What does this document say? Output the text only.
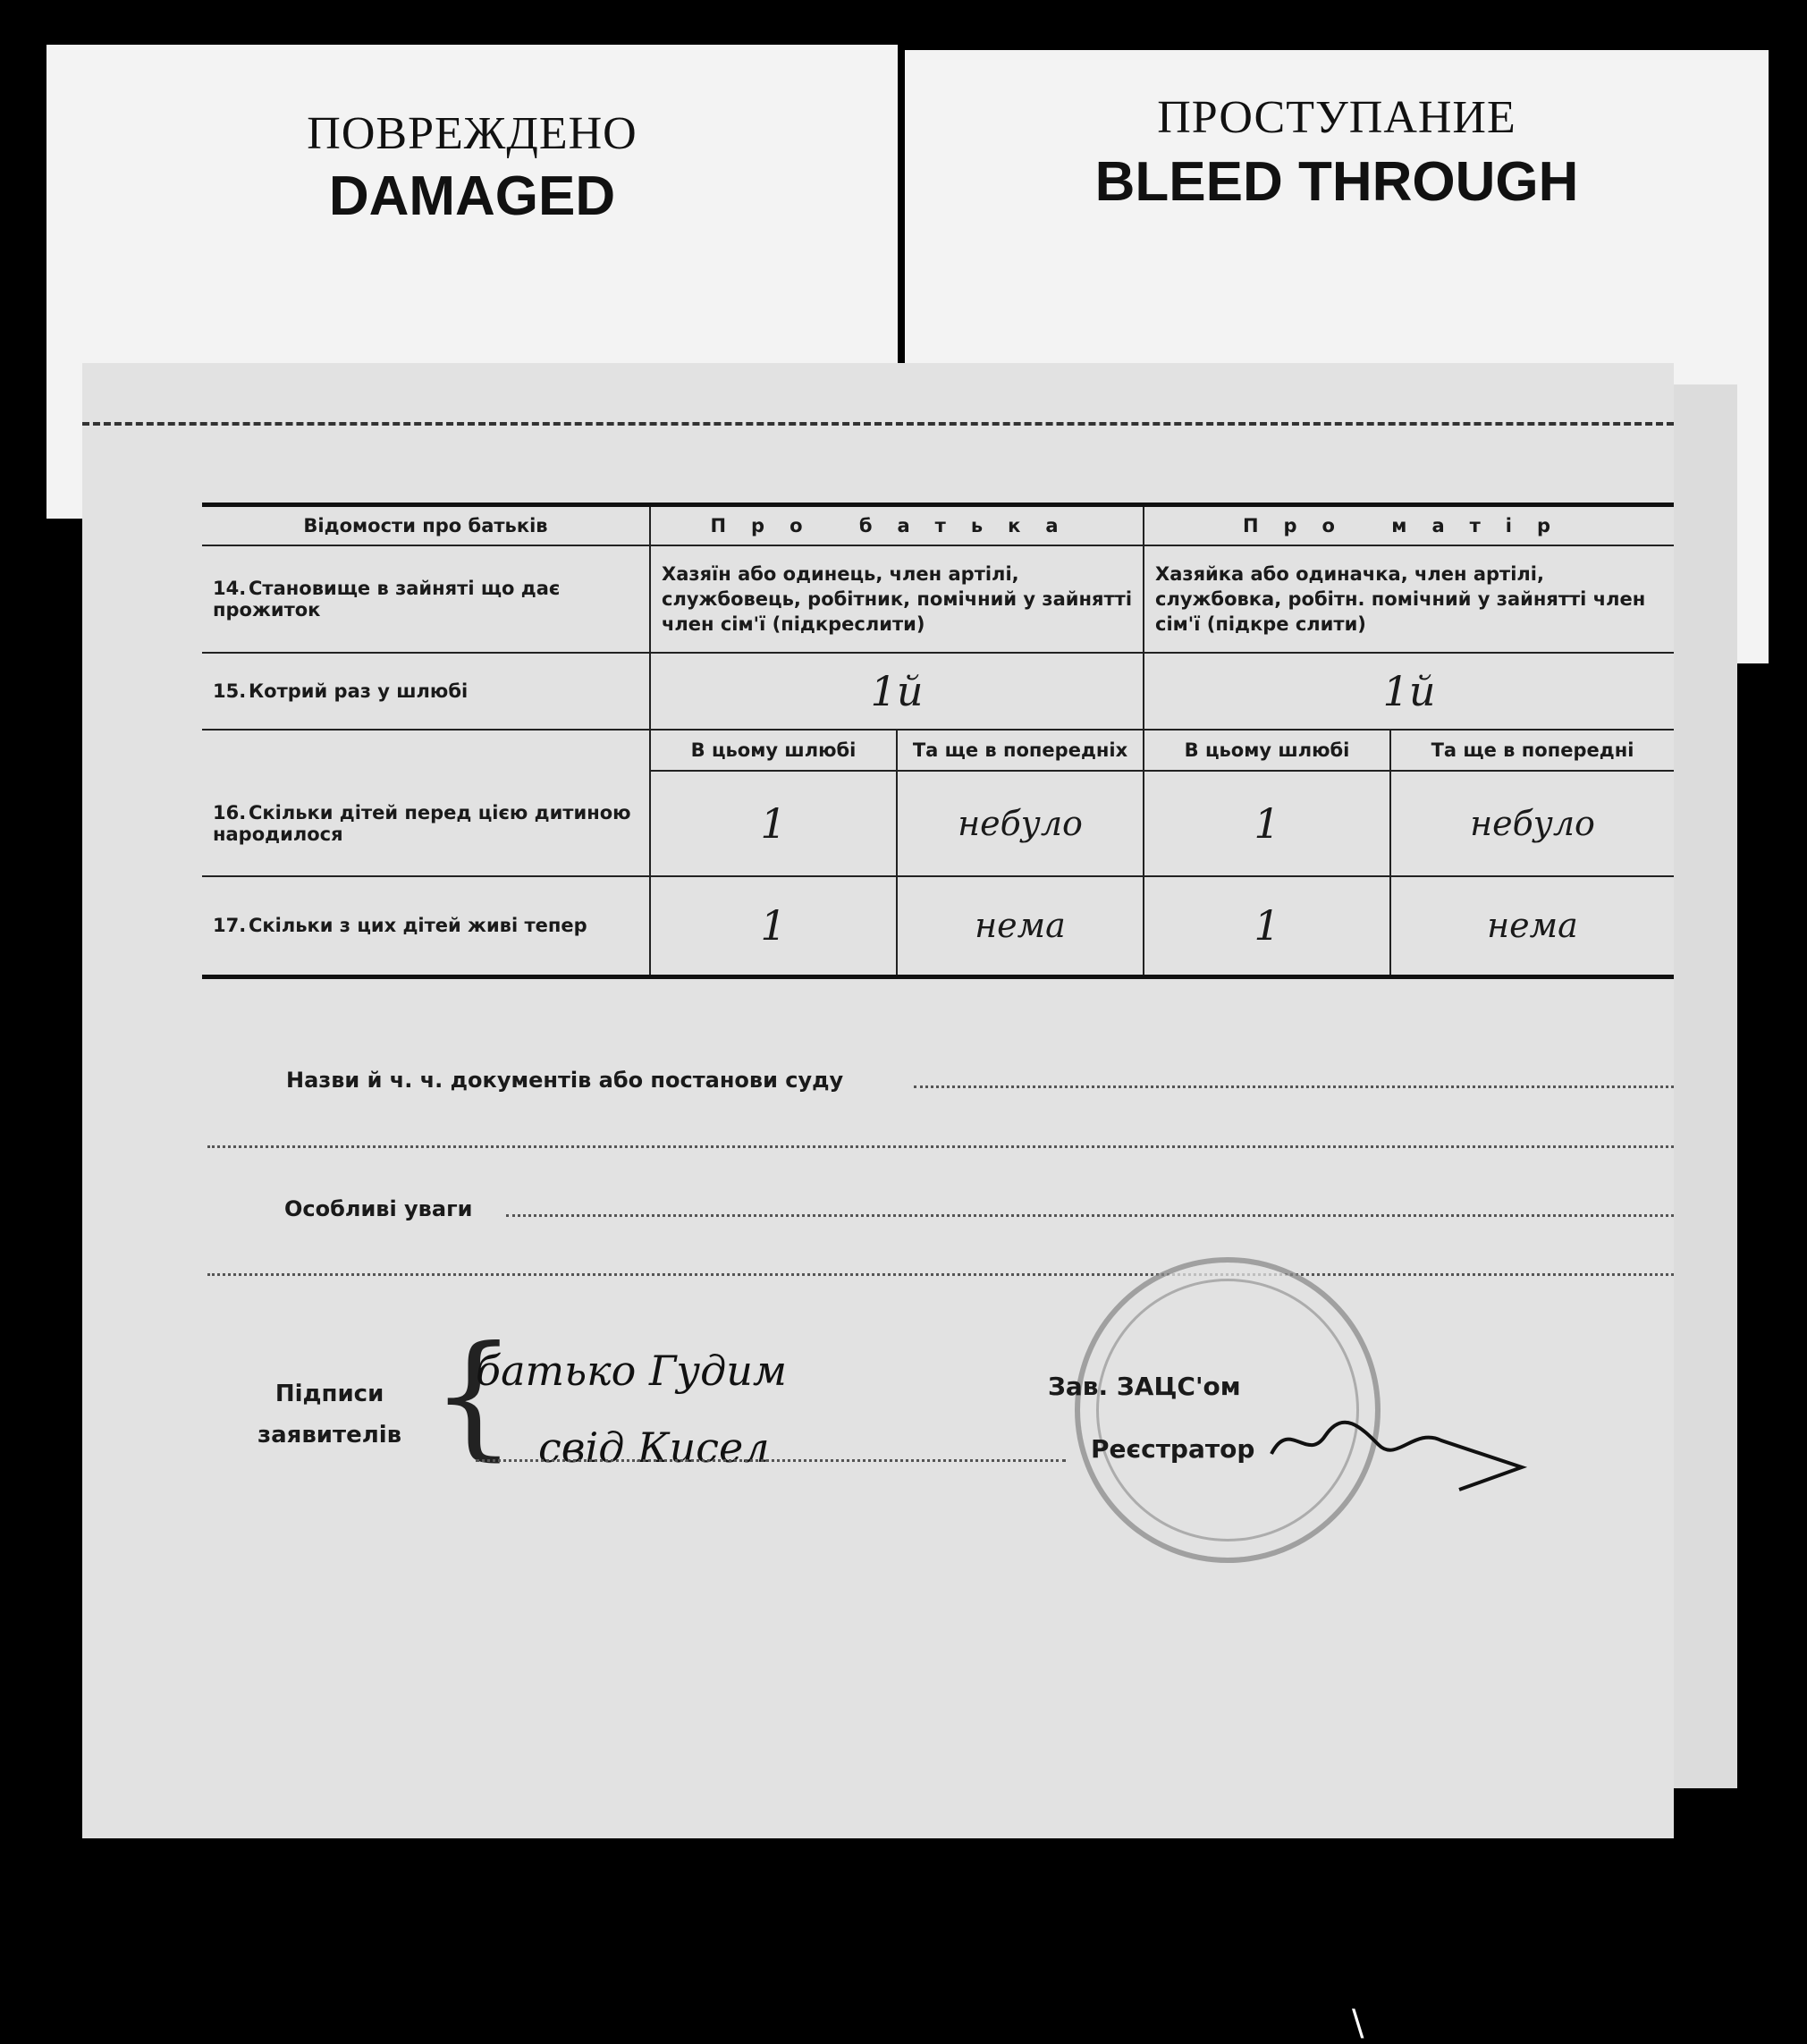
ПОВРЕЖДЕНО
DAMAGED
ПРОСТУПАНИЕ
BLEED THROUGH
Відомости про батьків	Про батька		Про матір	
14. Становище в зайняті що дає прожиток	Хазяїн або одинець, член артілі, службовець, робітник, помічний у зайнятті член сім'ї (підкреслити)		Хазяйка або одиначка, член артілі, службовка, робітн. помічний у зайнятті член сім'ї (підкре слити)	
15. Котрий раз у шлюбі	1й		1й	
	В цьому шлюбі	Та ще в попередніх	В цьому шлюбі	Та ще в попередні
16. Скільки дітей перед цією дитиною народилося	1	небуло	1	небуло
17. Скільки з цих дітей живі тепер	1	нема	1	нема
Назви й ч. ч. документів або постанови суду
Особливі уваги
Підписи
заявителів {
батько Гудим
свід Кисел
Зав. ЗАЦС'ом
Реєстратор
\
